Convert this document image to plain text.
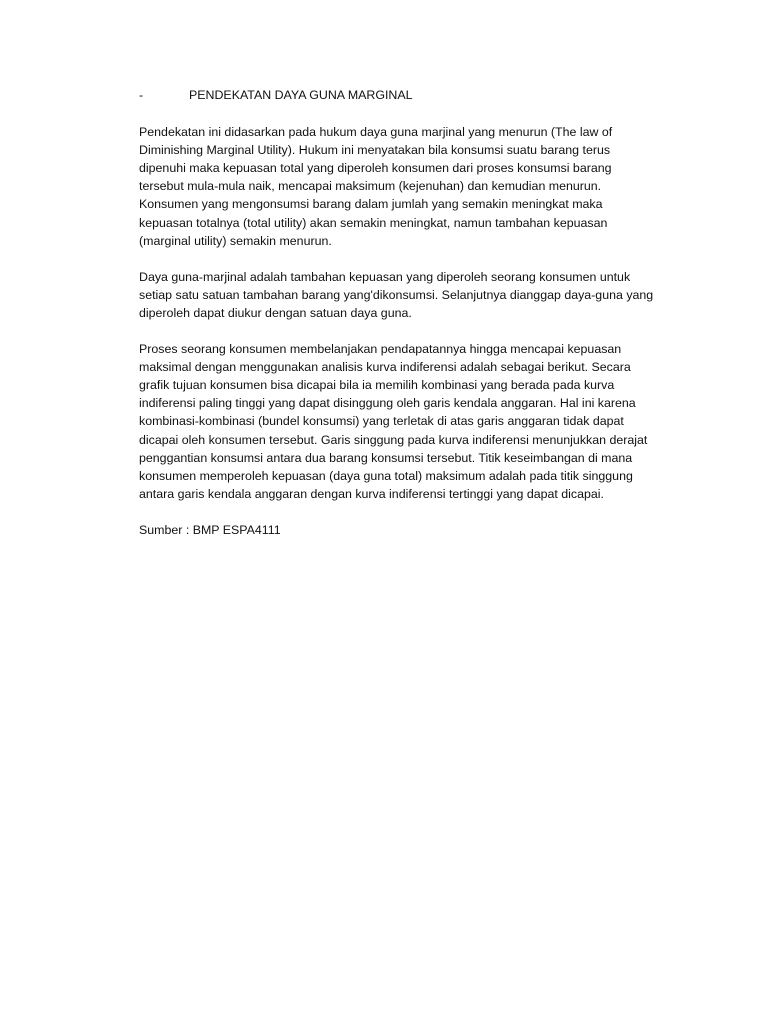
-	PENDEKATAN DAYA GUNA MARGINAL

Pendekatan ini didasarkan pada hukum daya guna marjinal yang menurun (The law of Diminishing Marginal Utility). Hukum ini menyatakan bila konsumsi suatu barang terus dipenuhi maka kepuasan total yang diperoleh konsumen dari proses konsumsi barang tersebut mula-mula naik, mencapai maksimum (kejenuhan) dan kemudian menurun. Konsumen yang mengonsumsi barang dalam jumlah yang semakin meningkat maka kepuasan totalnya (total utility) akan semakin meningkat, namun tambahan kepuasan (marginal utility) semakin menurun.

Daya guna-marjinal adalah tambahan kepuasan yang diperoleh seorang konsumen untuk setiap satu satuan tambahan barang yang'dikonsumsi. Selanjutnya dianggap daya-guna yang diperoleh dapat diukur dengan satuan daya guna.

Proses seorang konsumen membelanjakan pendapatannya hingga mencapai kepuasan maksimal dengan menggunakan analisis kurva indiferensi adalah sebagai berikut. Secara grafik tujuan konsumen bisa dicapai bila ia memilih kombinasi yang berada pada kurva indiferensi paling tinggi yang dapat disinggung oleh garis kendala anggaran. Hal ini karena kombinasi-kombinasi (bundel konsumsi) yang terletak di atas garis anggaran tidak dapat dicapai oleh konsumen tersebut. Garis singgung pada kurva indiferensi menunjukkan derajat penggantian konsumsi antara dua barang konsumsi tersebut. Titik keseimbangan di mana konsumen memperoleh kepuasan (daya guna total) maksimum adalah pada titik singgung antara garis kendala anggaran dengan kurva indiferensi tertinggi yang dapat dicapai.

Sumber : BMP ESPA4111
